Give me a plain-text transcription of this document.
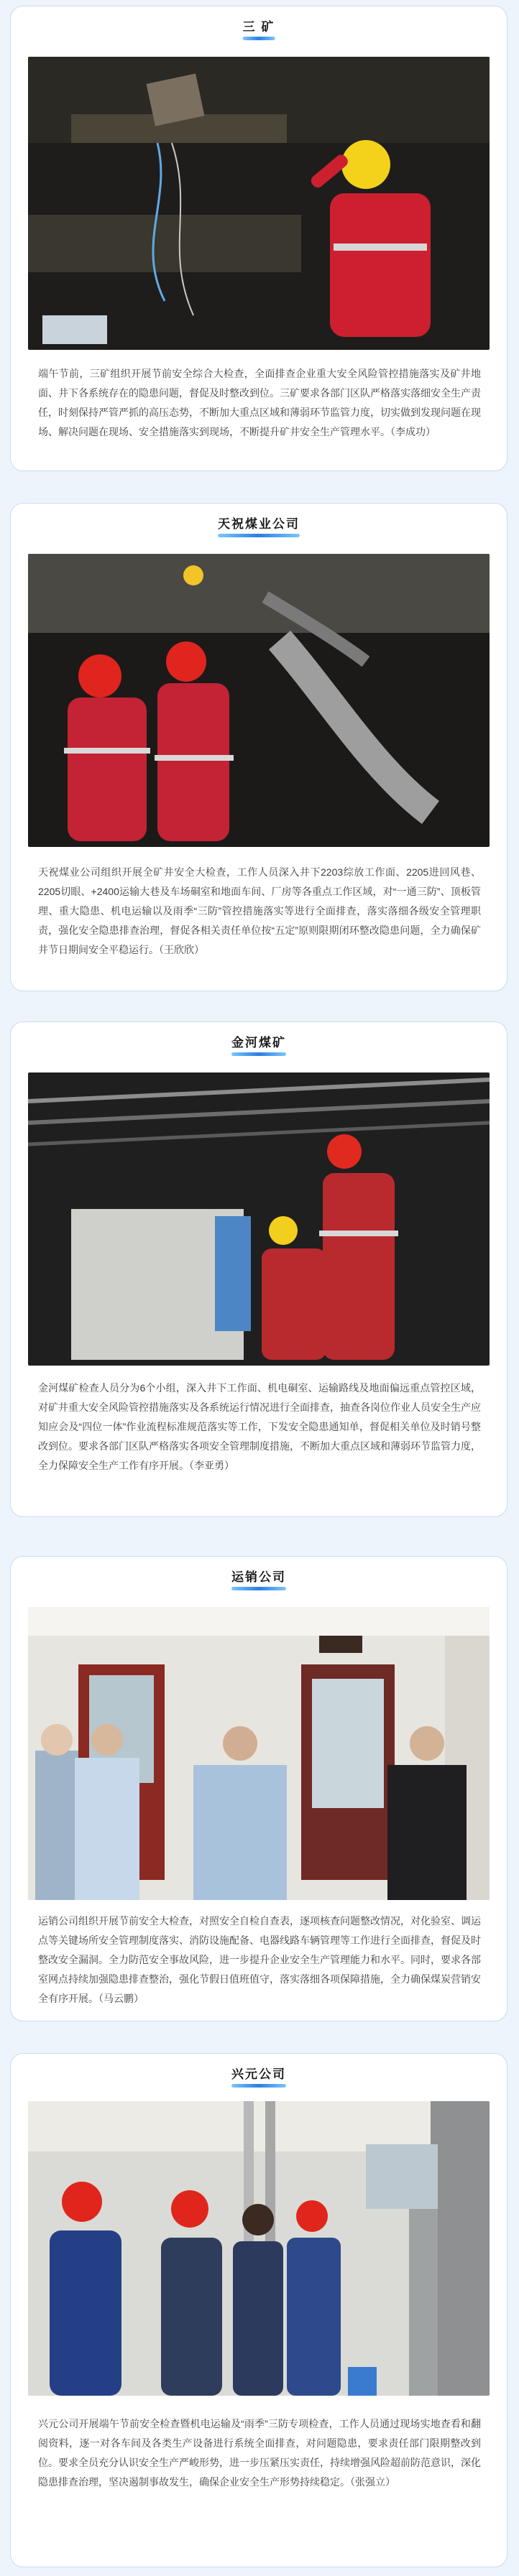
三 矿
端午节前，三矿组织开展节前安全综合大检查，全面排查企业重大安全风险管控措施落实及矿井地面、井下各系统存在的隐患问题，督促及时整改到位。三矿要求各部门区队严格落实落细安全生产责任，时刻保持严管严抓的高压态势，不断加大重点区域和薄弱环节监管力度，切实做到发现问题在现场、解决问题在现场、安全措施落实到现场，不断提升矿井安全生产管理水平。（李成功）
天祝煤业公司
天祝煤业公司组织开展全矿井安全大检查，工作人员深入井下2203综放工作面、2205进回风巷、2205切眼、+2400运输大巷及车场硐室和地面车间、厂房等各重点工作区域，对“一通三防”、顶板管理、重大隐患、机电运输以及雨季“三防”管控措施落实等进行全面排查，落实落细各级安全管理职责，强化安全隐患排查治理，督促各相关责任单位按“五定”原则限期闭环整改隐患问题，全力确保矿井节日期间安全平稳运行。（王欣欣）
金河煤矿
金河煤矿检查人员分为6个小组，深入井下工作面、机电硐室、运输路线及地面偏远重点管控区域，对矿井重大安全风险管控措施落实及各系统运行情况进行全面排查，抽查各岗位作业人员安全生产应知应会及“四位一体”作业流程标准规范落实等工作，下发安全隐患通知单，督促相关单位及时销号整改到位。要求各部门区队严格落实各项安全管理制度措施，不断加大重点区域和薄弱环节监管力度，全力保障安全生产工作有序开展。（李亚勇）
运销公司
运销公司组织开展节前安全大检查，对照安全自检自查表，逐项核查问题整改情况，对化验室、调运点等关键场所安全管理制度落实、消防设施配备、电器线路车辆管理等工作进行全面排查，督促及时整改安全漏洞。全力防范安全事故风险，进一步提升企业安全生产管理能力和水平。同时，要求各部室网点持续加强隐患排查整治，强化节假日值班值守，落实落细各项保障措施，全力确保煤炭营销安全有序开展。（马云鹏）
兴元公司
兴元公司开展端午节前安全检查暨机电运输及“雨季”三防专项检查，工作人员通过现场实地查看和翻阅资料，逐一对各车间及各类生产设备进行系统全面排查，对问题隐患，要求责任部门限期整改到位。要求全员充分认识安全生产严峻形势，进一步压紧压实责任，持续增强风险超前防范意识，深化隐患排查治理，坚决遏制事故发生，确保企业安全生产形势持续稳定。（张强立）
